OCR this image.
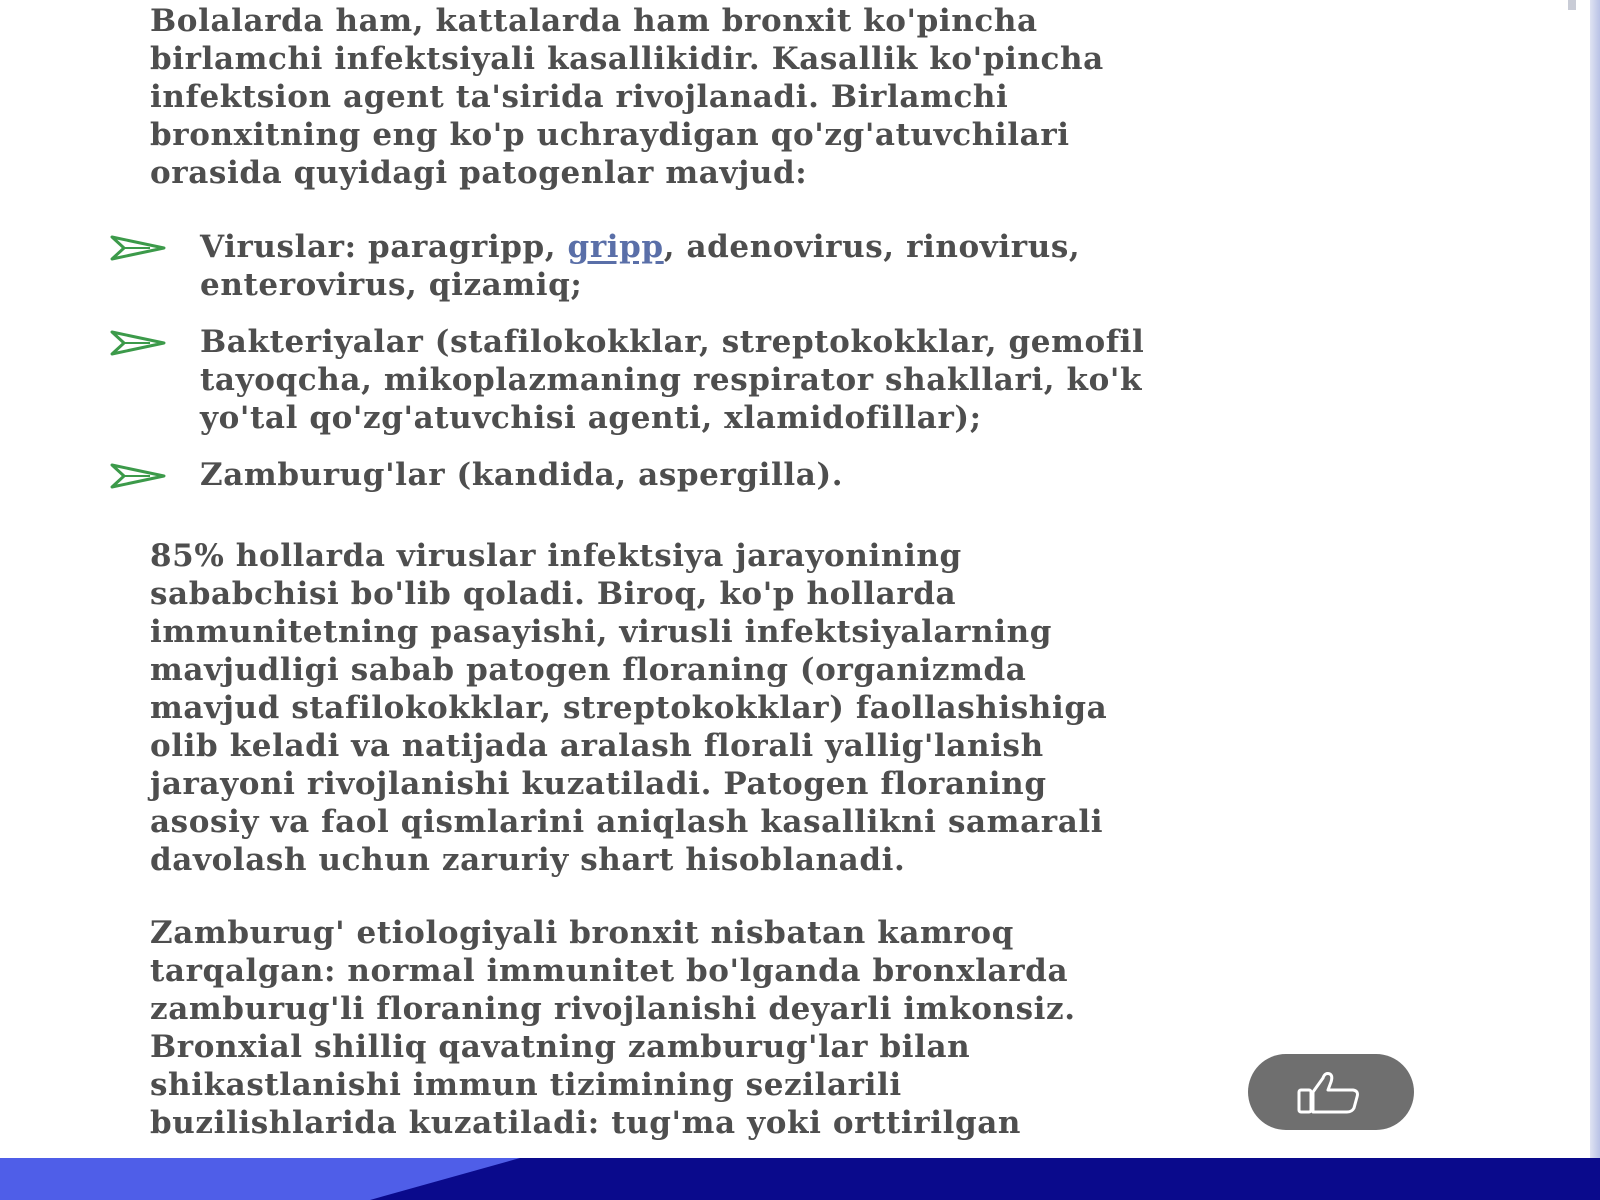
Bolalarda ham, kattalarda ham bronxit ko'pincha
birlamchi infektsiyali kasallikidir. Kasallik ko'pincha
infektsion agent ta'sirida rivojlanadi. Birlamchi
bronxitning eng ko'p uchraydigan qo'zg'atuvchilari
orasida quyidagi patogenlar mavjud:
Viruslar: paragripp, gripp, adenovirus, rinovirus,
enterovirus, qizamiq;
Bakteriyalar (stafilokokklar, streptokokklar, gemofil
tayoqcha, mikoplazmaning respirator shakllari, ko'k
yo'tal qo'zg'atuvchisi agenti, xlamidofillar);
Zamburug'lar (kandida, aspergilla).
85% hollarda viruslar infektsiya jarayonining
sababchisi bo'lib qoladi. Biroq, ko'p hollarda
immunitetning pasayishi, virusli infektsiyalarning
mavjudligi sabab patogen floraning (organizmda
mavjud stafilokokklar, streptokokklar) faollashishiga
olib keladi va natijada aralash florali yallig'lanish
jarayoni rivojlanishi kuzatiladi. Patogen floraning
asosiy va faol qismlarini aniqlash kasallikni samarali
davolash uchun zaruriy shart hisoblanadi.
Zamburug' etiologiyali bronxit nisbatan kamroq
tarqalgan: normal immunitet bo'lganda bronxlarda
zamburug'li floraning rivojlanishi deyarli imkonsiz.
Bronxial shilliq qavatning zamburug'lar bilan
shikastlanishi immun tizimining sezilarili
buzilishlarida kuzatiladi: tug'ma yoki orttirilgan
